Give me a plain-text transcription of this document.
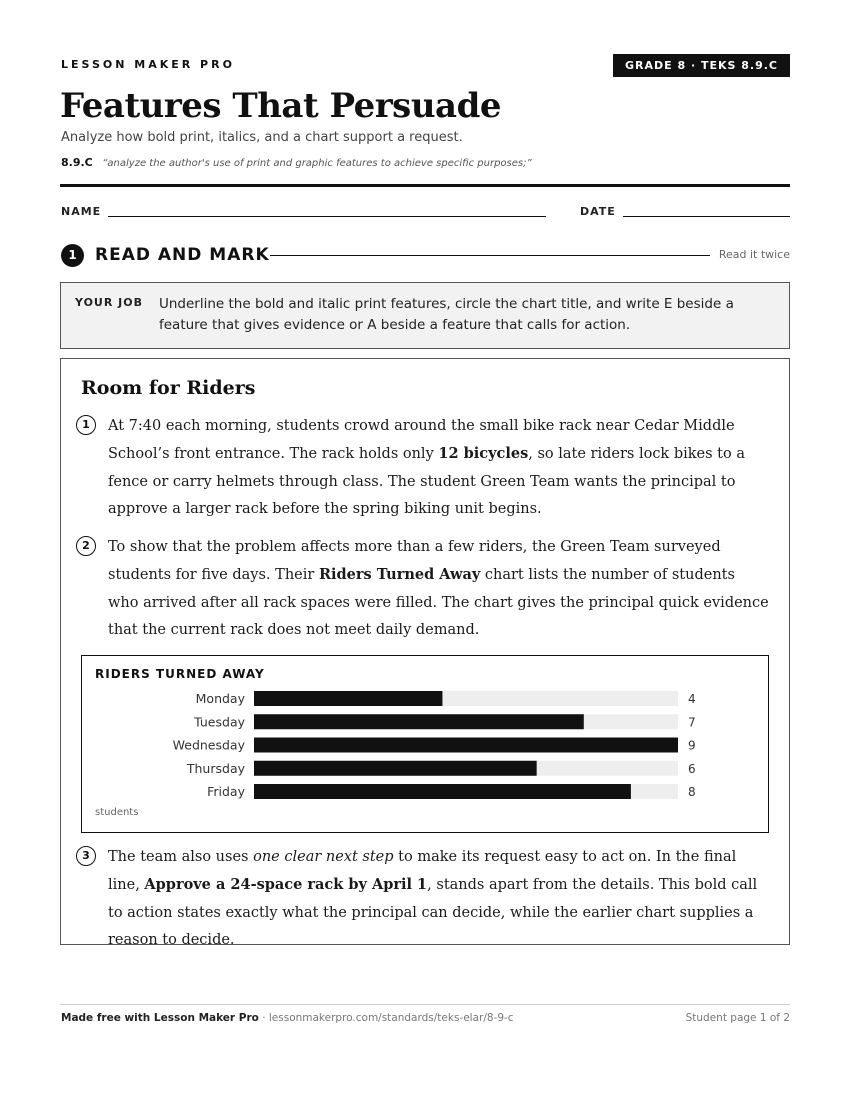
LESSON MAKER PRO	GRADE 8 · TEKS 8.9.C
Features That Persuade
Analyze how bold print, italics, and a chart support a request.
8.9.C “analyze the author's use of print and graphic features to achieve specific purposes;”
NAME	DATE
1	READ AND MARK	Read it twice
YOUR JOB Underline the bold and italic print features, circle the chart title, and write E beside a feature that gives evidence or A beside a feature that calls for action.
Room for Riders
1	At 7:40 each morning, students crowd around the small bike rack near Cedar Middle School’s front entrance. The rack holds only 12 bicycles, so late riders lock bikes to a fence or carry helmets through class. The student Green Team wants the principal to approve a larger rack before the spring biking unit begins.
2	To show that the problem affects more than a few riders, the Green Team surveyed students for five days. Their Riders Turned Away chart lists the number of students who arrived after all rack spaces were filled. The chart gives the principal quick evidence that the current rack does not meet daily demand.
RIDERS TURNED AWAY
Monday	4
Tuesday	7
Wednesday	9
Thursday	6
Friday	8
students
3	The team also uses one clear next step to make its request easy to act on. In the final line, Approve a 24-space rack by April 1, stands apart from the details. This bold call to action states exactly what the principal can decide, while the earlier chart supplies a reason to decide.
Made free with Lesson Maker Pro · lessonmakerpro.com/standards/teks-elar/8-9-c	Student page 1 of 2
